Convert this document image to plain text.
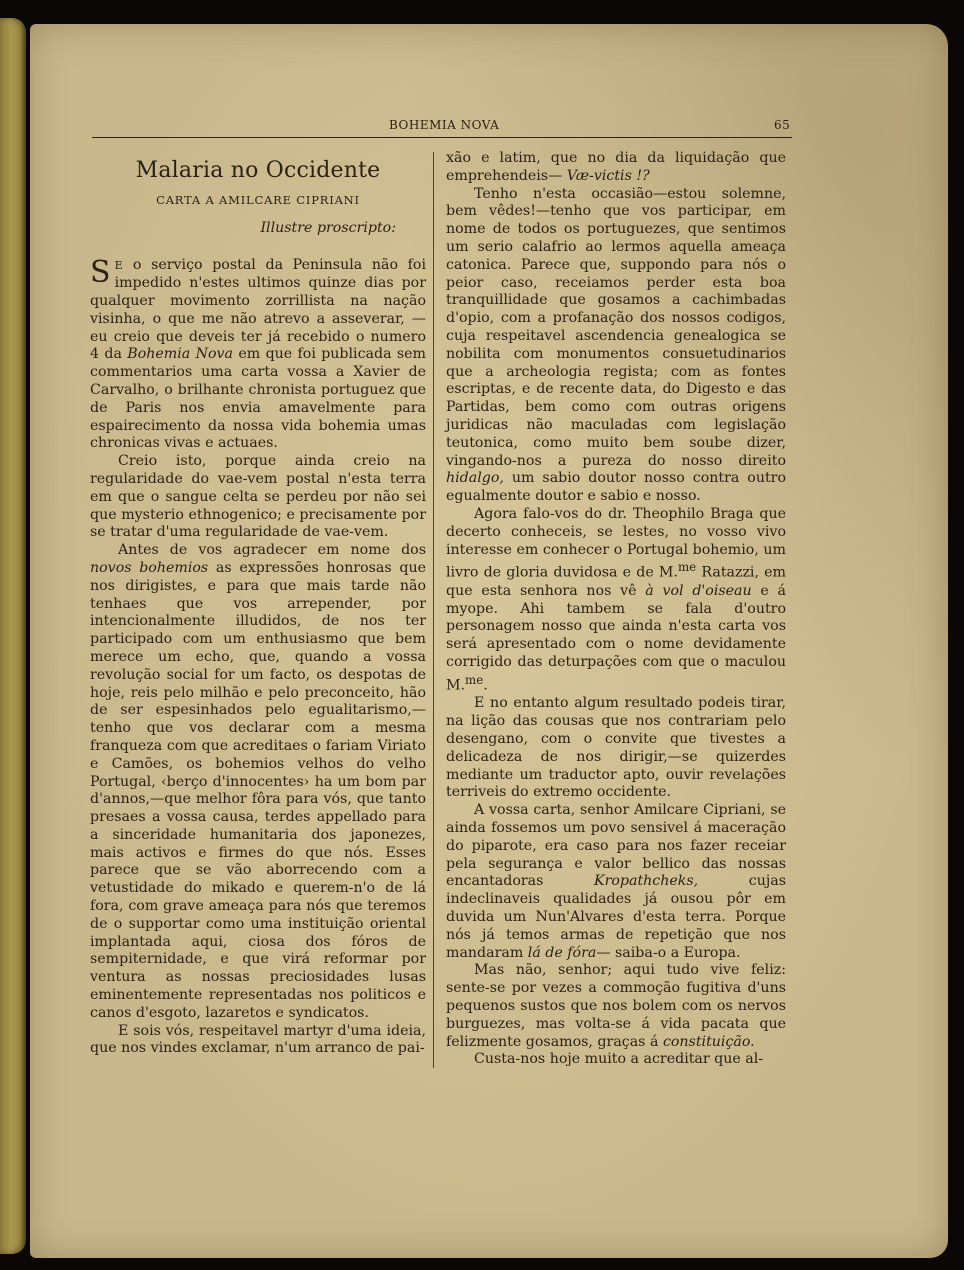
BOHEMIA NOVA	65
Malaria no Occidente
CARTA A AMILCARE CIPRIANI
Illustre proscripto:

S E o serviço postal da Peninsula não foi impedido n'estes ultimos quinze dias por qualquer movimento zorrillista na nação visinha, o que me não atrevo a asseverar, — eu creio que deveis ter já recebido o numero 4 da Bohemia Nova em que foi publicada sem commentarios uma carta vossa a Xavier de Carvalho, o brilhante chronista portuguez que de Paris nos envia amavelmente para espairecimento da nossa vida bohemia umas chronicas vivas e actuaes.

Creio isto, porque ainda creio na regularidade do vae-vem postal n'esta terra em que o sangue celta se perdeu por não sei que mysterio ethnogenico; e precisamente por se tratar d'uma regularidade de vae-vem.

Antes de vos agradecer em nome dos novos bohemios as expressões honrosas que nos dirigistes, e para que mais tarde não tenhaes que vos arrepender, por intencionalmente illudidos, de nos ter participado com um enthusiasmo que bem merece um echo, que, quando a vossa revolução social for um facto, os despotas de hoje, reis pelo milhão e pelo preconceito, hão de ser espesinhados pelo egualitarismo,—tenho que vos declarar com a mesma franqueza com que acreditaes o fariam Viriato e Camões, os bohemios velhos do velho Portugal, ‹berço d'innocentes› ha um bom par d'annos,—que melhor fôra para vós, que tanto presaes a vossa causa, terdes appellado para a sinceridade humanitaria dos japonezes, mais activos e firmes do que nós. Esses parece que se vão aborrecendo com a vetustidade do mikado e querem-n'o de lá fora, com grave ameaça para nós que teremos de o supportar como uma instituição oriental implantada aqui, ciosa dos fóros de sempiternidade, e que virá reformar por ventura as nossas preciosidades lusas eminentemente representadas nos politicos e canos d'esgoto, lazaretos e syndicatos.

E sois vós, respeitavel martyr d'uma ideia, que nos vindes exclamar, n'um arranco de pai-

xão e latim, que no dia da liquidação que emprehendeis— Væ-victis !?

Tenho n'esta occasião—estou solemne, bem vêdes!—tenho que vos participar, em nome de todos os portuguezes, que sentimos um serio calafrio ao lermos aquella ameaça catonica. Parece que, suppondo para nós o peior caso, receiamos perder esta boa tranquillidade que gosamos a cachimbadas d'opio, com a profanação dos nossos codigos, cuja respeitavel ascendencia genealogica se nobilita com monumentos consuetudinarios que a archeologia regista; com as fontes escriptas, e de recente data, do Digesto e das Partidas, bem como com outras origens juridicas não maculadas com legislação teutonica, como muito bem soube dizer, vingando-nos a pureza do nosso direito hidalgo, um sabio doutor nosso contra outro egualmente doutor e sabio e nosso.

Agora falo-vos do dr. Theophilo Braga que decerto conheceis, se lestes, no vosso vivo interesse em conhecer o Portugal bohemio, um livro de gloria duvidosa e de M.$^{me}$ Ratazzi, em que esta senhora nos vê à vol d'oiseau e á myope. Ahi tambem se fala d'outro personagem nosso que ainda n'esta carta vos será apresentado com o nome devidamente corrigido das deturpações com que o maculou M.$^{me}$.

E no entanto algum resultado podeis tirar, na lição das cousas que nos contrariam pelo desengano, com o convite que tivestes a delicadeza de nos dirigir,—se quizerdes mediante um traductor apto, ouvir revelações terriveis do extremo occidente.

A vossa carta, senhor Amilcare Cipriani, se ainda fossemos um povo sensivel á maceração do piparote, era caso para nos fazer receiar pela segurança e valor bellico das nossas encantadoras Kropathcheks, cujas indeclinaveis qualidades já ousou pôr em duvida um Nun'Alvares d'esta terra. Porque nós já temos armas de repetição que nos mandaram lá de fóra— saiba-o a Europa.

Mas não, senhor; aqui tudo vive feliz: sente-se por vezes a commoção fugitiva d'uns pequenos sustos que nos bolem com os nervos burguezes, mas volta-se á vida pacata que felizmente gosamos, graças á constituição.

Custa-nos hoje muito a acreditar que al-
